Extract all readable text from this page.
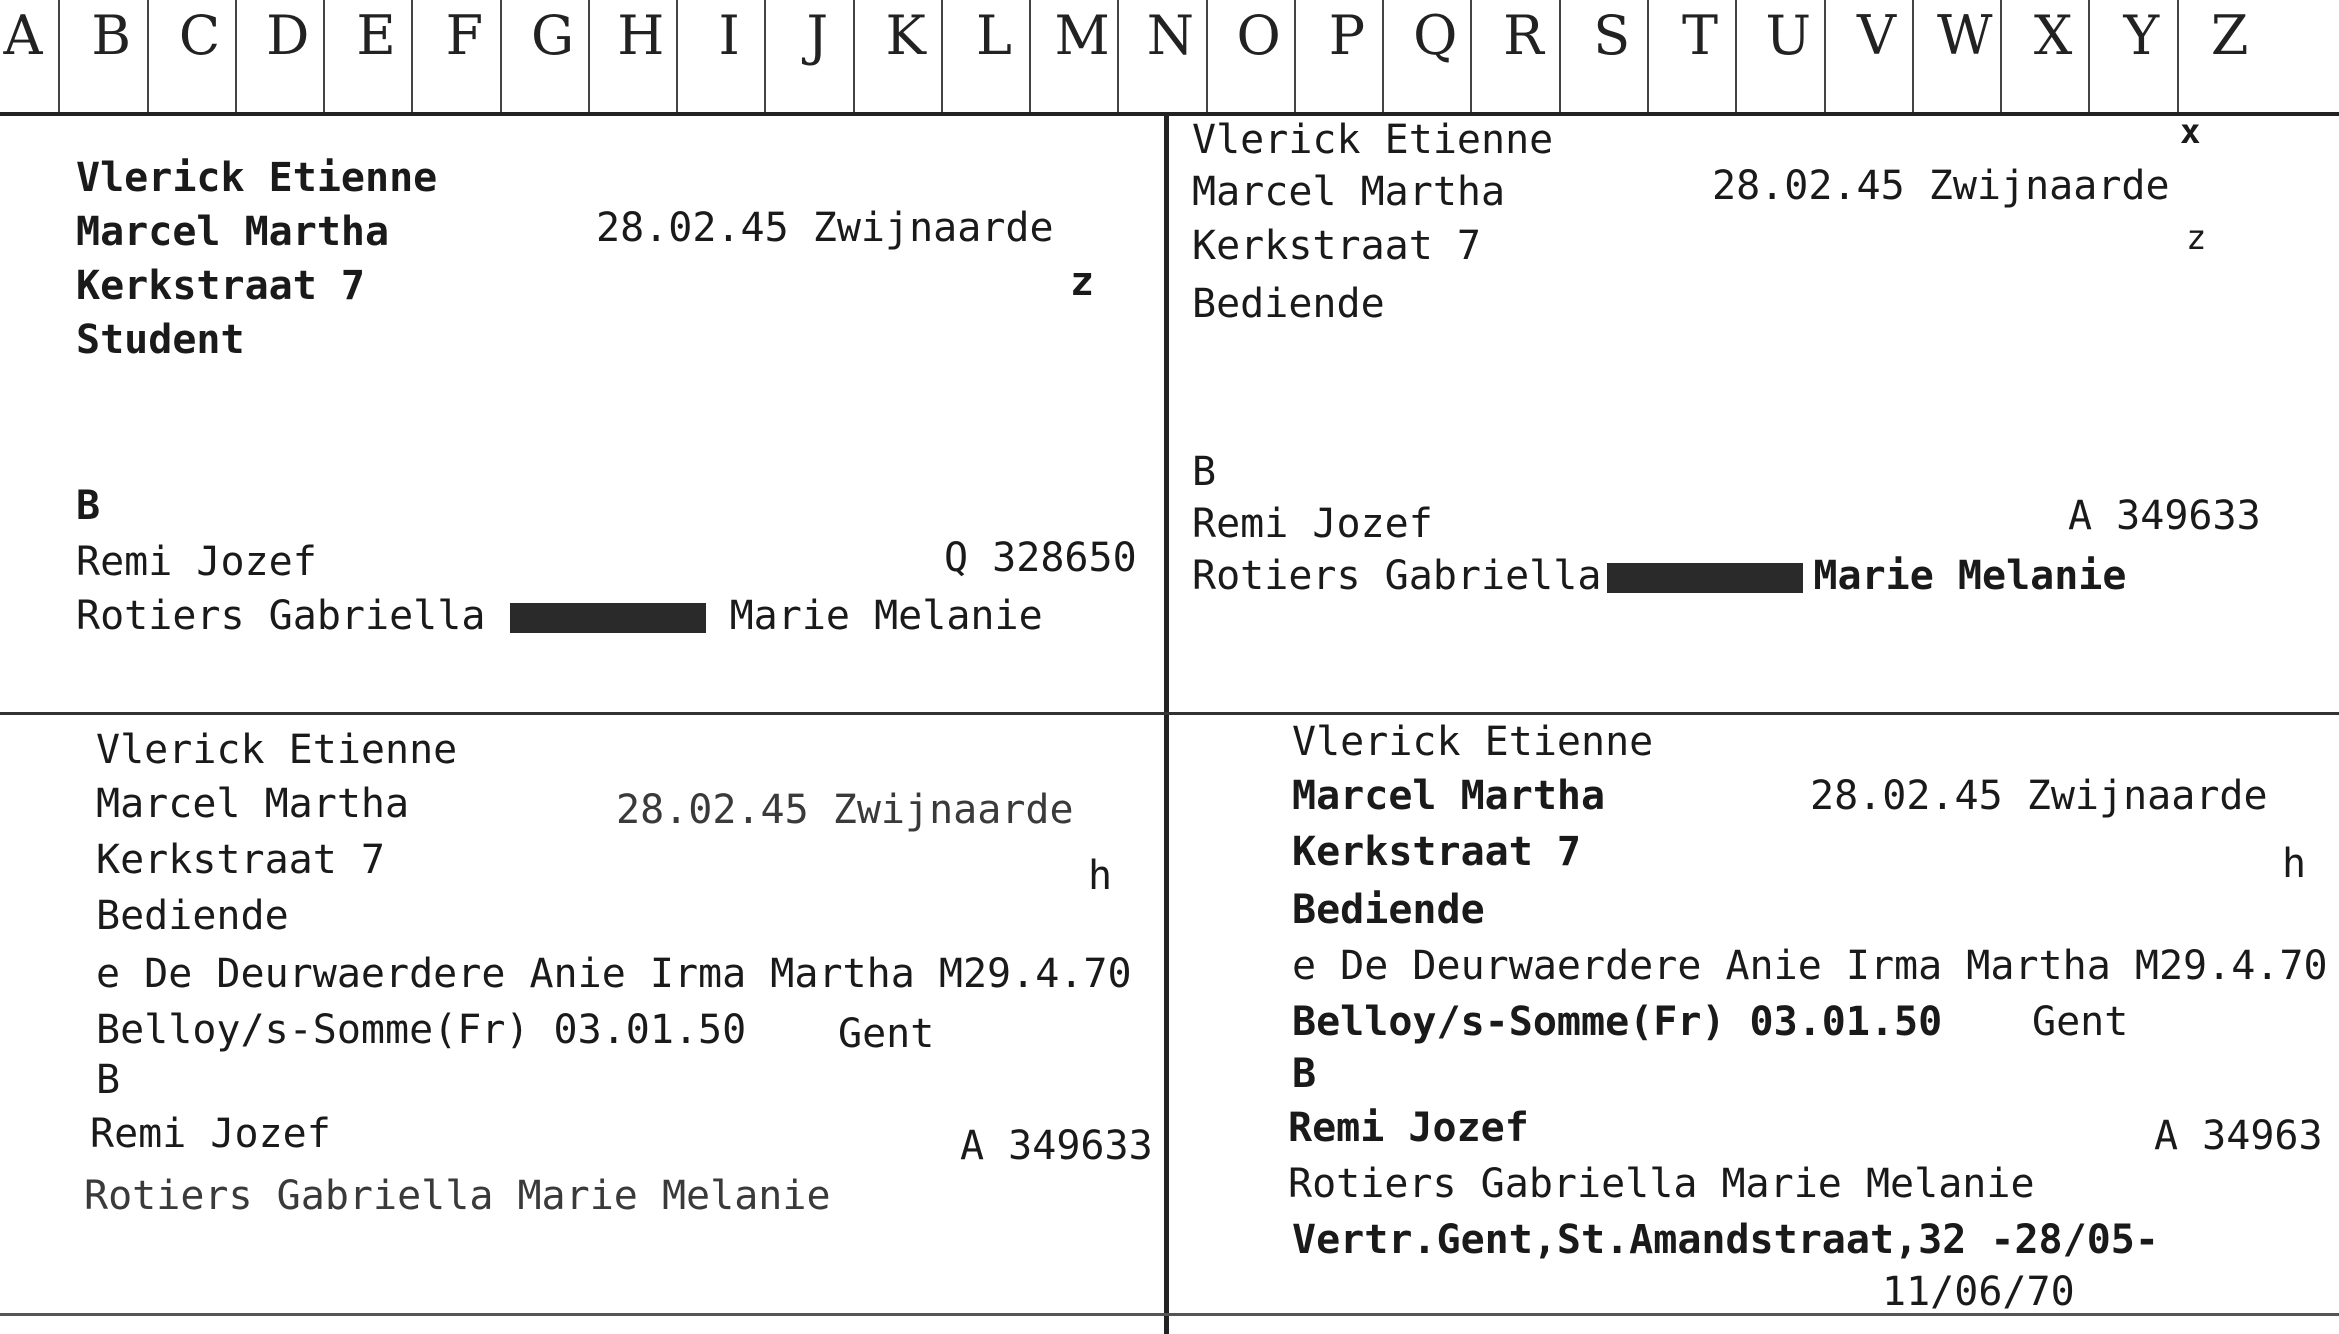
A B C D E F G H	I	J	K L M N O P Q R S T U V W X Y Z
Vlerick Etienne
Marcel Martha	28.02.45 Zwijnaarde
Kerkstraat 7	z
Student
B
Remi Jozef	Q 328650
Rotiers Gabriella	Marie Melanie
Vlerick Etienne	x
Marcel Martha	28.02.45 Zwijnaarde
Kerkstraat 7	z
Bediende
B
Remi Jozef	A 349633
Rotiers Gabriella	Marie Melanie
Vlerick Etienne
Marcel Martha	28.02.45 Zwijnaarde
Kerkstraat 7	h
Bediende
e De Deurwaerdere Anie Irma Martha M29.4.70
Belloy/s-Somme(Fr) 03.01.50 Gent
B
Remi Jozef	A 349633
Rotiers Gabriella Marie Melanie
Vlerick Etienne
Marcel Martha	28.02.45 Zwijnaarde
Kerkstraat 7	h
Bediende
e De Deurwaerdere Anie Irma Martha M29.4.70
Belloy/s-Somme(Fr) 03.01.50 Gent
B
Remi Jozef	A 34963
Rotiers Gabriella Marie Melanie
Vertr.Gent,St.Amandstraat,32 -28/05-
11/06/70
